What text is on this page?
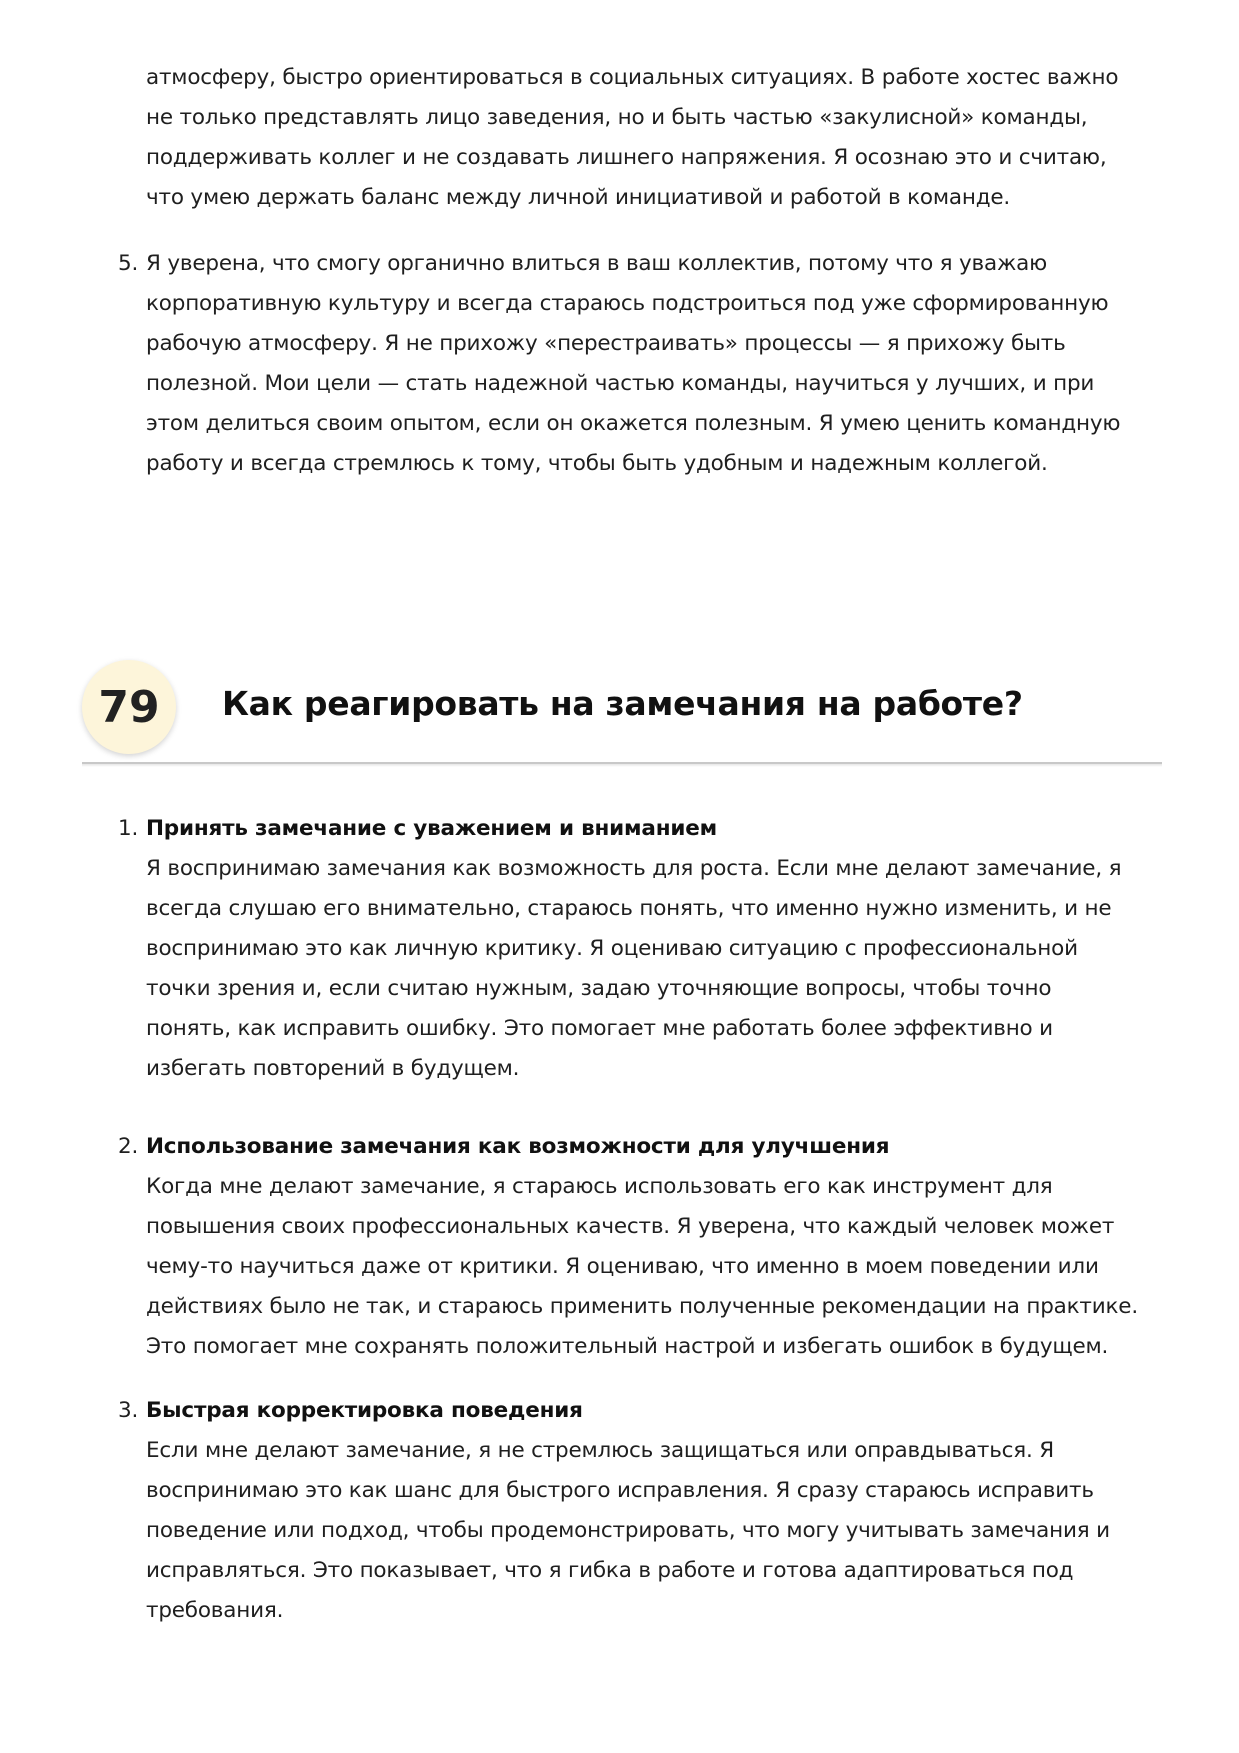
атмосферу, быстро ориентироваться в социальных ситуациях. В работе хостес важно

не только представлять лицо заведения, но и быть частью «закулисной» команды,

поддерживать коллег и не создавать лишнего напряжения. Я осознаю это и считаю,

что умею держать баланс между личной инициативой и работой в команде.

5. Я уверена, что смогу органично влиться в ваш коллектив, потому что я уважаю

корпоративную культуру и всегда стараюсь подстроиться под уже сформированную

рабочую атмосферу. Я не прихожу «перестраивать» процессы — я прихожу быть

полезной. Мои цели — стать надежной частью команды, научиться у лучших, и при

этом делиться своим опытом, если он окажется полезным. Я умею ценить командную

работу и всегда стремлюсь к тому, чтобы быть удобным и надежным коллегой.

79	Как реагировать на замечания на работе?
1. Принять замечание с уважением и вниманием

Я воспринимаю замечания как возможность для роста. Если мне делают замечание, я

всегда слушаю его внимательно, стараюсь понять, что именно нужно изменить, и не

воспринимаю это как личную критику. Я оцениваю ситуацию с профессиональной

точки зрения и, если считаю нужным, задаю уточняющие вопросы, чтобы точно

понять, как исправить ошибку. Это помогает мне работать более эффективно и

избегать повторений в будущем.

2. Использование замечания как возможности для улучшения

Когда мне делают замечание, я стараюсь использовать его как инструмент для

повышения своих профессиональных качеств. Я уверена, что каждый человек может

чему-то научиться даже от критики. Я оцениваю, что именно в моем поведении или

действиях было не так, и стараюсь применить полученные рекомендации на практике.

Это помогает мне сохранять положительный настрой и избегать ошибок в будущем.

3. Быстрая корректировка поведения

Если мне делают замечание, я не стремлюсь защищаться или оправдываться. Я

воспринимаю это как шанс для быстрого исправления. Я сразу стараюсь исправить

поведение или подход, чтобы продемонстрировать, что могу учитывать замечания и

исправляться. Это показывает, что я гибка в работе и готова адаптироваться под

требования.
